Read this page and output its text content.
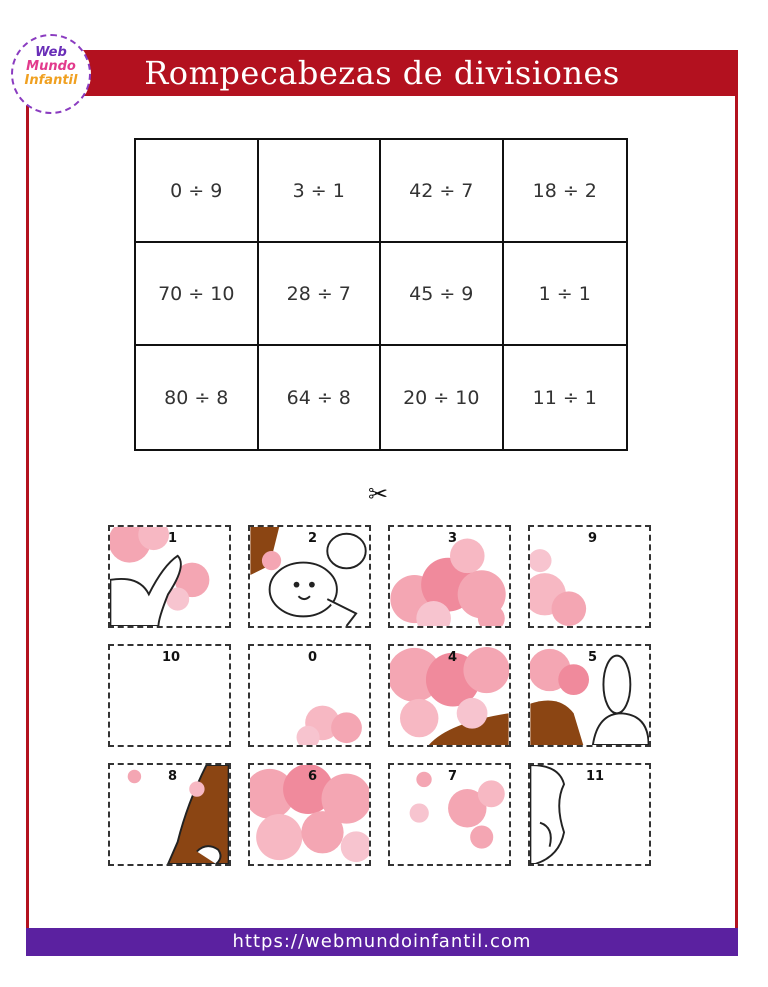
Rompecabezas de divisiones
Web
Mundo
Infantil
0 ÷ 9	3 ÷ 1	42 ÷ 7	18 ÷ 2
70 ÷ 10	28 ÷ 7	45 ÷ 9	1 ÷ 1
80 ÷ 8	64 ÷ 8	20 ÷ 10	11 ÷ 1
✂
1	2	3	9
10	0	4	5
8	6	7	11
https://webmundoinfantil.com
